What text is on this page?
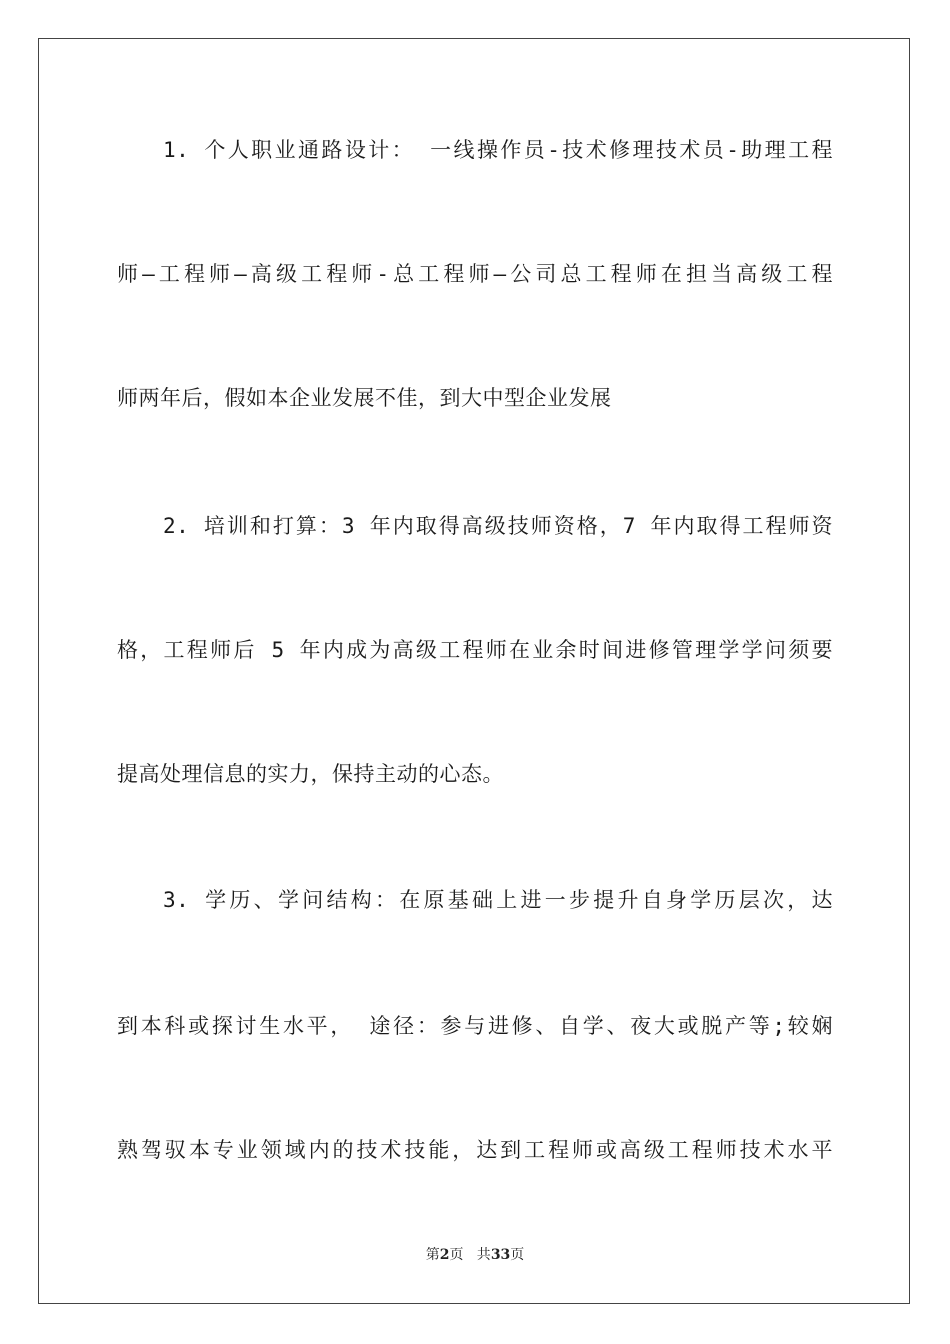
1. 个人职业通路设计： 一线操作员-技术修理技术员-助理工程
师—工程师—高级工程师-总工程师—公司总工程师在担当高级工程
师两年后，假如本企业发展不佳，到大中型企业发展
2. 培训和打算：3 年内取得高级技师资格，7 年内取得工程师资
格，工程师后 5 年内成为高级工程师在业余时间进修管理学学问须要
提高处理信息的实力，保持主动的心态。
3. 学历、学问结构：在原基础上进一步提升自身学历层次，达
到本科或探讨生水平， 途径：参与进修、自学、夜大或脱产等;较娴
熟驾驭本专业领域内的技术技能，达到工程师或高级工程师技术水平
第2页   共33页
